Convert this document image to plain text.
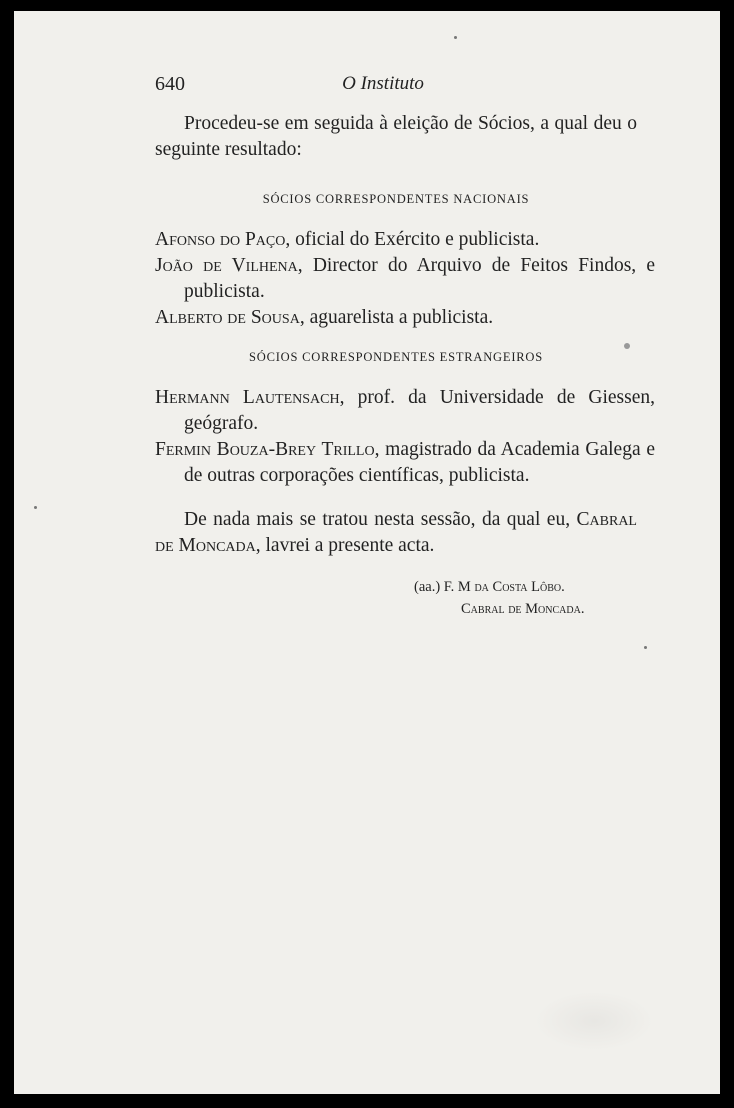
640	O Instituto

Procedeu-se em seguida à eleição de Sócios, a qual deu o seguinte resultado:

SÓCIOS CORRESPONDENTES NACIONAIS

Afonso do Paço, oficial do Exército e publicista.

João de Vilhena, Director do Arquivo de Feitos Findos, e publicista.

Alberto de Sousa, aguarelista a publicista.

SÓCIOS CORRESPONDENTES ESTRANGEIROS

Hermann Lautensach, prof. da Universidade de Giessen, geógrafo.

Fermin Bouza-Brey Trillo, magistrado da Academia Galega e de outras corporações científicas, publicista.

De nada mais se tratou nesta sessão, da qual eu, Cabral de Moncada, lavrei a presente acta.

(aa.) F. M da Costa Lôbo.
Cabral de Moncada.
